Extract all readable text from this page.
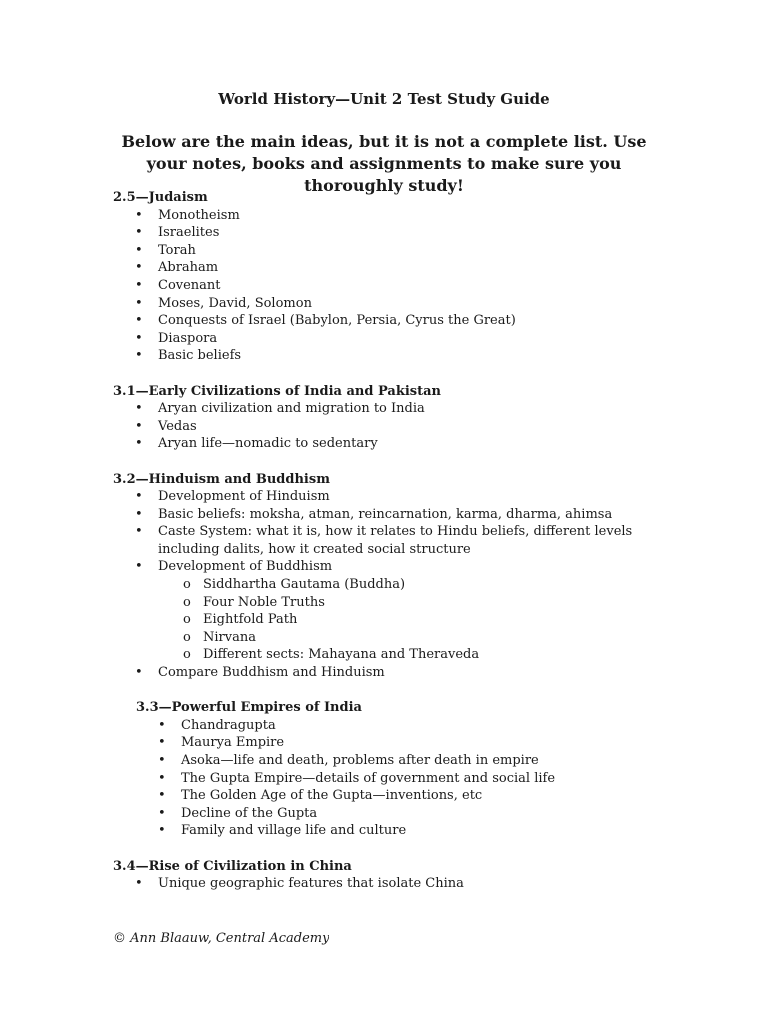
World History—Unit 2 Test Study Guide
Below are the main ideas, but it is not a complete list. Use your notes, books and assignments to make sure you thoroughly study!
2.5—Judaism
• Monotheism
• Israelites
• Torah
• Abraham
• Covenant
• Moses, David, Solomon
• Conquests of Israel (Babylon, Persia, Cyrus the Great)
• Diaspora
• Basic beliefs
3.1—Early Civilizations of India and Pakistan
• Aryan civilization and migration to India
• Vedas
• Aryan life—nomadic to sedentary
3.2—Hinduism and Buddhism
• Development of Hinduism
• Basic beliefs: moksha, atman, reincarnation, karma, dharma, ahimsa
• Caste System: what it is, how it relates to Hindu beliefs, different levels including dalits, how it created social structure
• Development of Buddhism
o Siddhartha Gautama (Buddha)
o Four Noble Truths
o Eightfold Path
o Nirvana
o Different sects: Mahayana and Theraveda
• Compare Buddhism and Hinduism
3.3—Powerful Empires of India
• Chandragupta
• Maurya Empire
• Asoka—life and death, problems after death in empire
• The Gupta Empire—details of government and social life
• The Golden Age of the Gupta—inventions, etc
• Decline of the Gupta
• Family and village life and culture
3.4—Rise of Civilization in China
• Unique geographic features that isolate China
© Ann Blaauw, Central Academy
